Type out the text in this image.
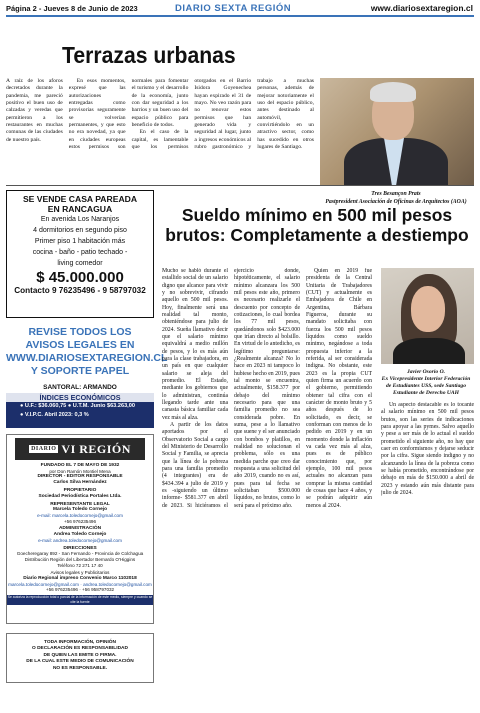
Página 2 - Jueves 8 de Junio de 2023	DIARIO SEXTA REGIÓN	www.diariosextaregion.cl
Terrazas urbanas

A raíz de los aforos decretados durante la pandemia, me pareció positivo el buen uso de calzadas y veredas que permitieron a los restaurantes en muchas comunas de las ciudades de nuestro país.

En esos momentos, expresé que las autorizaciones entregadas como provisorias seguramente se volverían permanentes, y que esto no era novedad, ya que en ciudades europeas estos permisos son normales para fomentar el turismo y el desarrollo de la economía, junto con dar seguridad a los barrios y un buen uso del espacio público para beneficio de todos.

En el caso de la capital, es lamentable que los permisos otorgados en el Barrio Isidora Goyenechea hayan expirado el 31 de mayo. No veo razón para no renovar estos permisos que han generado vida y seguridad al lugar, junto a ingresos económicos al rubro gastronómico y trabajo a muchas personas, además de mejorar notoriamente el uso del espacio público, antes destinado al automóvil, convirtiéndolo en un atractivo sector, como has sucedido en otros lugares de Santiago.

Tres Besançon Prats
Pastpresident Asociación de Oficinas de Arquitectos (AOA)
SE VENDE CASA PAREADA
EN RANCAGUA
En avenida Los Naranjos
4 dormitorios en segundo piso
Primer piso 1 habitación más
cocina - baño - patio techado -
living comedor
$ 45.000.000
Contacto 9 76235496 - 9 58797032
REVISE TODOS LOS
AVISOS LEGALES EN
WWW.DIARIOSEXTAREGION.CL
Y SOPORTE PAPEL
SANTORAL: ARMANDO
ÍNDICES ECONÓMICOS
● U.F.: $36.060,75 ● U.T.M. Junio $63.263,00
● V.I.P.C. Abril 2023: 0,3 %
DIARIO VI REGIÓN
FUNDADO EL 7 DE MAYO DE 1932
por Don Ramón Montiel Mena
DIRECTOR - EDITOR RESPONSABLE
Carlos Silva Hernández
PROPIETARIO
Sociedad Periodística Portales Ltda.
REPRESENTANTE LEGAL
Marcela Toledo Cornejo
e-mail: marcela.toledocornejo@gmail.com
+56 976235496
ADMINISTRACIÓN
Andrea Toledo Cornejo
e-mail: andrea.toledocornejo@gmail.com
DIRECCIONES
Goecheregaray 892 - San Fernando - Provincia de Colchagua
Distribución Región del Libertador Bernardo O'Higgins
Teléfono 72 271 17 40
Avisos legales y Publicitarios
Diario Regional impreso Convenio Marco 1102018
marcela.toledocornejo@gmail.com · andrea.toledocornejo@gmail.com
+56 976235496 · +56 958797032
Se autoriza la reproducción total o parcial de la información de este medio, siempre y cuando se cite la fuente
TODA INFORMACIÓN, OPINIÓN
O DECLARACIÓN ES RESPONSABILIDAD
DE QUIEN LAS EMITE O FIRMA.
DE LA CUAL ESTE MEDIO DE COMUNICACIÓN
NO ES RESPONSABLE.
Sueldo mínimo en 500 mil pesos brutos: Completamente a destiempo

Mucho se habló durante el estallido social de un salario digno que alcance para vivir y no sobrevivir, cifrando aquello en 500 mil pesos. Hoy, finalmente será una realidad tal monto, obteniéndose para julio de 2024. Sueña llamativo decir que el salario mínimo equivaldrá a medio millón de pesos, y lo es más aún para la clase trabajadora, en un país en que cualquier salario se aleja del promedio. El Estado, mediante los gobiernos que lo administran, continúa llegando tarde ante una canasta básica familiar cada vez más al alza.

A partir de los datos aportados por el Observatorio Social a cargo del Ministerio de Desarrollo Social y Familia, se aprecia que la línea de la pobreza para una familia promedio (4 integrantes) era de $434.394 a julio de 2019 y es -siguiendo un último informe- $581.377 en abril de 2023. Si hiciéramos el ejercicio donde, hipotéticamente, el salario mínimo alcanzara los 500 mil pesos este año, primero es necesario realizarle el descuento por concepto de cotizaciones, lo cual bordea los 77 mil pesos, quedándonos solo $423.000 que irían directo al bolsillo. En virtud de lo antedicho, es legítimo preguntarse: ¿Realmente alcanza? No lo hace en 2023 ni tampoco lo hubiese hecho en 2019, pues tal monto se encuentra, actualmente, $158.377 por debajo del mínimo necesario para que una familia promedio no sea considerada pobre. En suma, pese a lo llamativo que suene y el ser anunciado con bombos y platillos, en realidad no solucionan el problema, sólo es una medida parche que creo dar respuesta a una solicitud del año 2019, cuando no es así, pues para tal fecha se solicitaban $500.000 líquidos, no brutos, como lo será para el próximo año.

Quien en 2019 fue presidenta de la Central Unitaria de Trabajadores (CUT) y actualmente es Embajadora de Chile en Argentina, Bárbara Figueroa, durante su mandato solicitaba con fuerza los 500 mil pesos líquidos como sueldo mínimo, negándose a toda propuesta inferior a la referida, al ser considerada indigna. No obstante, este 2023 es la propia CUT quien firma un acuerdo con el gobierno, permitiendo obtener tal cifra con el carácter de monto bruto y 5 años después de lo solicitado, es decir, se conforman con menos de lo pedido en 2019 y en un momento donde la inflación va cada vez más al alza, pues es de público conocimiento que, por ejemplo, 100 mil pesos actuales no alcanzan para comprar la misma cantidad de cosas que hace 4 años, y se podrán adquirir aún menos al 2024.

Javier Osorio O.
Ex Vicepresidente Interior Federación
de Estudiantes USS, sede Santiago
Estudiante de Derecho UAH

Un aspecto destacable es lo tocante al salario mínimo en 500 mil pesos brutos, son las series de indicaciones para apoyar a las pymes. Salvo aquello y pese a ser más de lo actual el sueldo prometido el siguiente año, no hay que caer en conformismos y dejarse seducir por la cifra. Sigue siendo indigno y no alcanzando la línea de la pobreza como se había prometido, encontrándose por debajo en más de $150.000 a abril de 2023 y estando aún más distante para julio de 2024.
